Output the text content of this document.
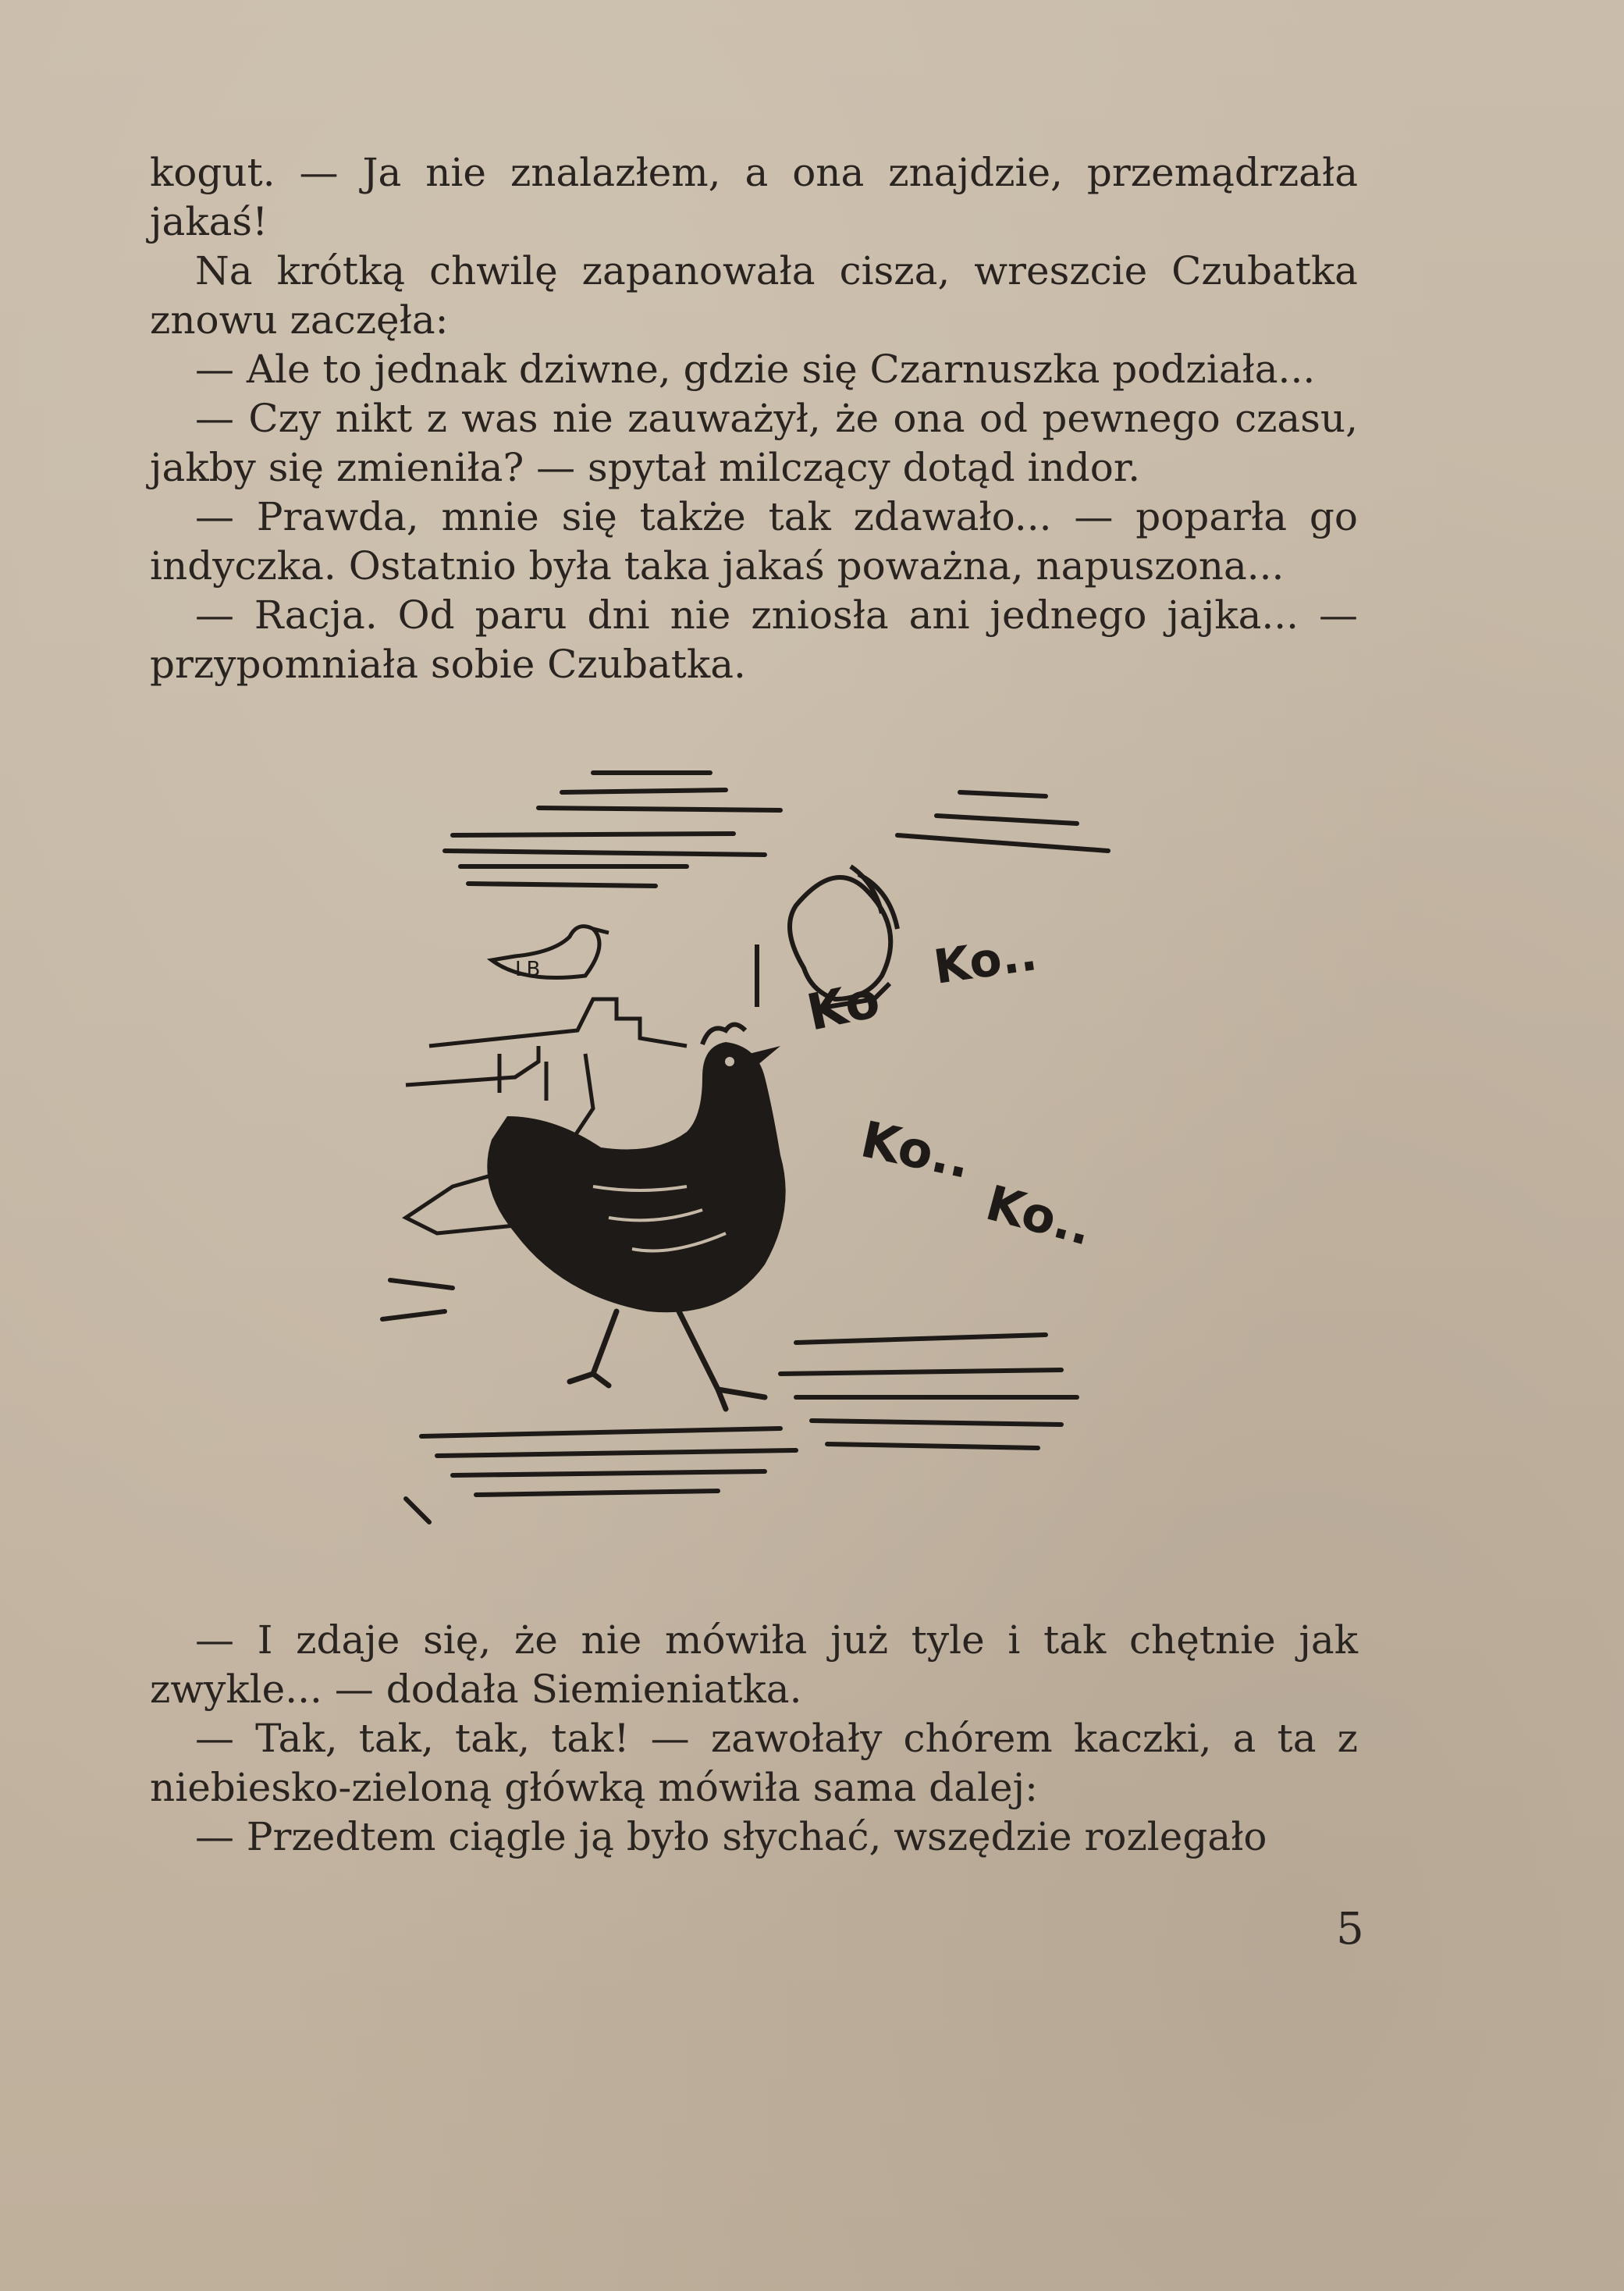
kogut. — Ja nie znalazłem, a ona znajdzie, przemądrzała jakaś!

Na krótką chwilę zapanowała cisza, wreszcie Czubatka znowu zaczęła:

— Ale to jednak dziwne, gdzie się Czarnuszka podziała...

— Czy nikt z was nie zauważył, że ona od pewnego czasu, jakby się zmieniła? — spytał milczący dotąd indor.

— Prawda, mnie się także tak zdawało... — poparła go indyczka. Ostatnio była taka jakaś poważna, napuszona...

— Racja. Od paru dni nie zniosła ani jednego jajka... — przypomniała sobie Czubatka.

LB
Ko
Ko..
Ko..
Ko..

— I zdaje się, że nie mówiła już tyle i tak chętnie jak zwykle... — dodała Siemieniatka.

— Tak, tak, tak, tak! — zawołały chórem kaczki, a ta z niebiesko-zieloną główką mówiła sama dalej:

— Przedtem ciągle ją było słychać, wszędzie rozlegało

5
